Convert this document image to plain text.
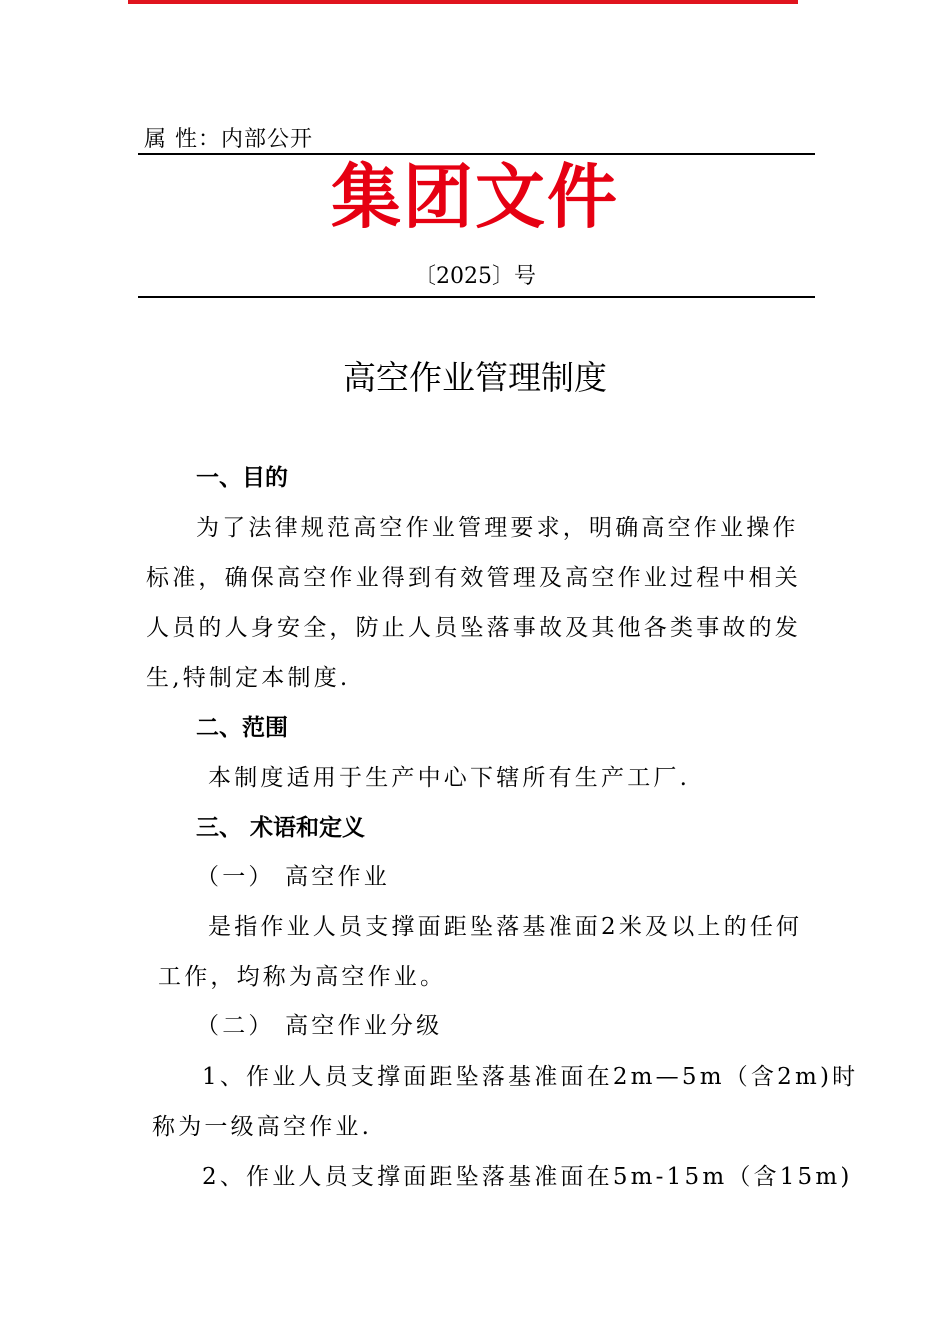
属 性：内部公开
集团文件
〔2025〕号
高空作业管理制度
一、目的
为了法律规范高空作业管理要求，明确高空作业操作
标准，确保高空作业得到有效管理及高空作业过程中相关
人员的人身安全，防止人员坠落事故及其他各类事故的发
生,特制定本制度.
二、范围
本制度适用于生产中心下辖所有生产工厂.
三、 术语和定义
（一） 高空作业
是指作业人员支撑面距坠落基准面2米及以上的任何
工作，均称为高空作业。
（二） 高空作业分级
1、作业人员支撑面距坠落基准面在2m—5m（含2m)时
称为一级高空作业.
2、作业人员支撑面距坠落基准面在5m-15m（含15m)
